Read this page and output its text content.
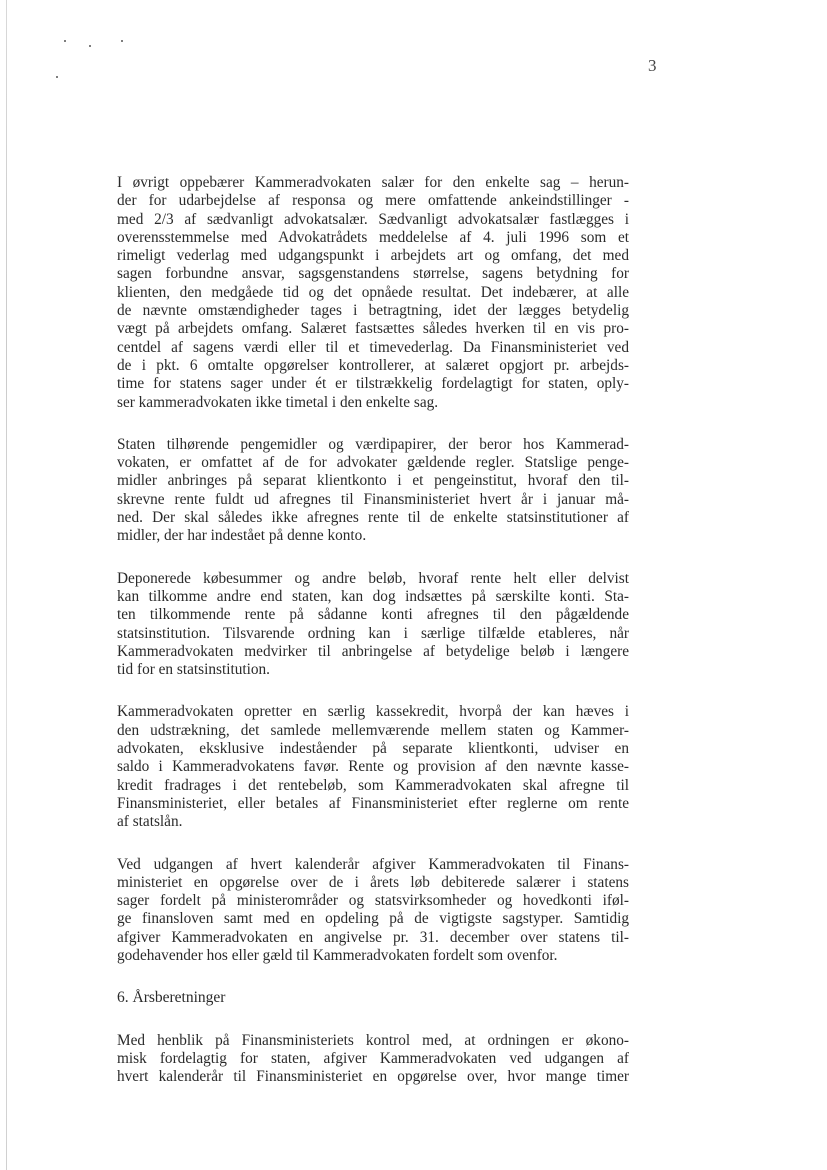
3

I øvrigt oppebærer Kammeradvokaten salær for den enkelte sag – herun-
der for udarbejdelse af responsa og mere omfattende ankeindstillinger -
med 2/3 af sædvanligt advokatsalær. Sædvanligt advokatsalær fastlægges i
overensstemmelse med Advokatrådets meddelelse af 4. juli 1996 som et
rimeligt vederlag med udgangspunkt i arbejdets art og omfang, det med
sagen forbundne ansvar, sagsgenstandens størrelse, sagens betydning for
klienten, den medgåede tid og det opnåede resultat. Det indebærer, at alle
de nævnte omstændigheder tages i betragtning, idet der lægges betydelig
vægt på arbejdets omfang. Salæret fastsættes således hverken til en vis pro-
centdel af sagens værdi eller til et timevederlag. Da Finansministeriet ved
de i pkt. 6 omtalte opgørelser kontrollerer, at salæret opgjort pr. arbejds-
time for statens sager under ét er tilstrækkelig fordelagtigt for staten, oply-
ser kammeradvokaten ikke timetal i den enkelte sag.

Staten tilhørende pengemidler og værdipapirer, der beror hos Kammerad-
vokaten, er omfattet af de for advokater gældende regler. Statslige penge-
midler anbringes på separat klientkonto i et pengeinstitut, hvoraf den til-
skrevne rente fuldt ud afregnes til Finansministeriet hvert år i januar må-
ned. Der skal således ikke afregnes rente til de enkelte statsinstitutioner af
midler, der har indestået på denne konto.

Deponerede købesummer og andre beløb, hvoraf rente helt eller delvist
kan tilkomme andre end staten, kan dog indsættes på særskilte konti. Sta-
ten tilkommende rente på sådanne konti afregnes til den pågældende
statsinstitution. Tilsvarende ordning kan i særlige tilfælde etableres, når
Kammeradvokaten medvirker til anbringelse af betydelige beløb i længere
tid for en statsinstitution.

Kammeradvokaten opretter en særlig kassekredit, hvorpå der kan hæves i
den udstrækning, det samlede mellemværende mellem staten og Kammer-
advokaten, eksklusive indeståender på separate klientkonti, udviser en
saldo i Kammeradvokatens favør. Rente og provision af den nævnte kasse-
kredit fradrages i det rentebeløb, som Kammeradvokaten skal afregne til
Finansministeriet, eller betales af Finansministeriet efter reglerne om rente
af statslån.

Ved udgangen af hvert kalenderår afgiver Kammeradvokaten til Finans-
ministeriet en opgørelse over de i årets løb debiterede salærer i statens
sager fordelt på ministerområder og statsvirksomheder og hovedkonti iføl-
ge finansloven samt med en opdeling på de vigtigste sagstyper. Samtidig
afgiver Kammeradvokaten en angivelse pr. 31. december over statens til-
godehavender hos eller gæld til Kammeradvokaten fordelt som ovenfor.

6. Årsberetninger

Med henblik på Finansministeriets kontrol med, at ordningen er økono-
misk fordelagtig for staten, afgiver Kammeradvokaten ved udgangen af
hvert kalenderår til Finansministeriet en opgørelse over, hvor mange timer
